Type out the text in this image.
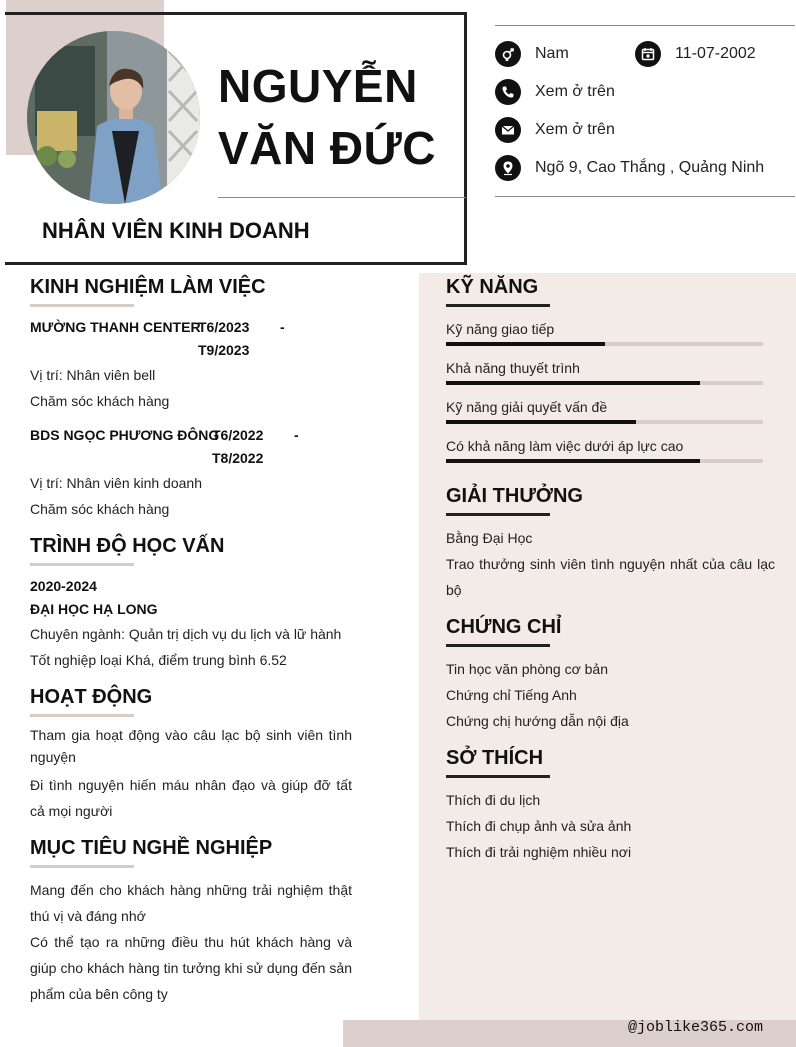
NGUYỄN
VĂN ĐỨC
NHÂN VIÊN KINH DOANH
Nam	11-07-2002
Xem ở trên
Xem ở trên
Ngõ 9, Cao Thắng , Quảng Ninh
KINH NGHIỆM LÀM VIỆC
MƯỜNG THANH CENTER
T6/2023 -
T9/2023
Vị trí: Nhân viên bell
Chăm sóc khách hàng
BDS NGỌC PHƯƠNG ĐÔNG
T6/2022 -
T8/2022
Vị trí: Nhân viên kinh doanh
Chăm sóc khách hàng
TRÌNH ĐỘ HỌC VẤN
2020-2024
ĐẠI HỌC HẠ LONG
Chuyên ngành: Quản trị dịch vụ du lịch và lữ hành
Tốt nghiệp loại Khá, điểm trung bình 6.52
HOẠT ĐỘNG
Tham gia hoạt động vào câu lạc bộ sinh viên tình nguyện
Đi tình nguyện hiến máu nhân đạo và giúp đỡ tất cả mọi người
MỤC TIÊU NGHỀ NGHIỆP
Mang đến cho khách hàng những trải nghiệm thật thú vị và đáng nhớ
Có thể tạo ra những điều thu hút khách hàng và giúp cho khách hàng tin tưởng khi sử dụng đến sản phẩm của bên công ty
KỸ NĂNG
Kỹ năng giao tiếp
Khả năng thuyết trình
Kỹ năng giải quyết vấn đề
Có khả năng làm việc dưới áp lực cao
GIẢI THƯỞNG
Bằng Đại Học
Trao thưởng sinh viên tình nguyện nhất của câu lạc bộ
CHỨNG CHỈ
Tin học văn phòng cơ bản
Chứng chỉ Tiếng Anh
Chứng chị hướng dẫn nội địa
SỞ THÍCH
Thích đi du lịch
Thích đi chụp ảnh và sửa ảnh
Thích đi trải nghiệm nhiều nơi
@joblike365.com
